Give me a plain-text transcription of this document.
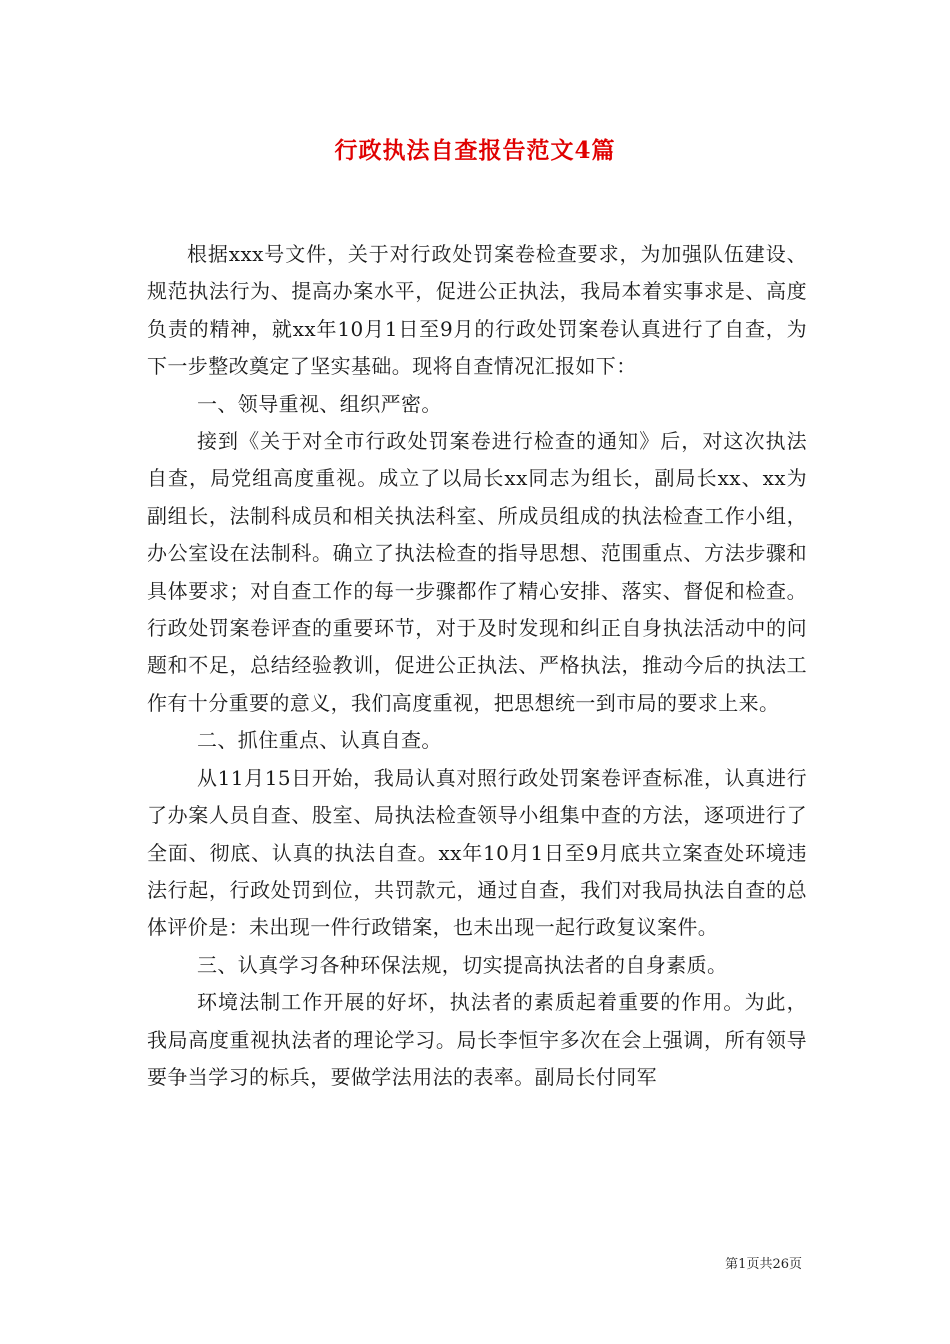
行政执法自查报告范文4篇

根据xxx号文件，关于对行政处罚案卷检查要求，为加强队伍建设、规范执法行为、提高办案水平，促进公正执法，我局本着实事求是、高度负责的精神，就xx年10月1日至9月的行政处罚案卷认真进行了自查，为下一步整改奠定了坚实基础。现将自查情况汇报如下：

一、领导重视、组织严密。

接到《关于对全市行政处罚案卷进行检查的通知》后，对这次执法自查，局党组高度重视。成立了以局长xx同志为组长，副局长xx、xx为副组长，法制科成员和相关执法科室、所成员组成的执法检查工作小组，办公室设在法制科。确立了执法检查的指导思想、范围重点、方法步骤和具体要求；对自查工作的每一步骤都作了精心安排、落实、督促和检查。行政处罚案卷评查的重要环节，对于及时发现和纠正自身执法活动中的问题和不足，总结经验教训，促进公正执法、严格执法，推动今后的执法工作有十分重要的意义，我们高度重视，把思想统一到市局的要求上来。

二、抓住重点、认真自查。

从11月15日开始，我局认真对照行政处罚案卷评查标准，认真进行了办案人员自查、股室、局执法检查领导小组集中查的方法，逐项进行了全面、彻底、认真的执法自查。xx年10月1日至9月底共立案查处环境违法行起，行政处罚到位，共罚款元，通过自查，我们对我局执法自查的总体评价是：未出现一件行政错案，也未出现一起行政复议案件。

三、认真学习各种环保法规，切实提高执法者的自身素质。

环境法制工作开展的好坏，执法者的素质起着重要的作用。为此，我局高度重视执法者的理论学习。局长李恒宇多次在会上强调，所有领导要争当学习的标兵，要做学法用法的表率。副局长付同军

第1页共26页
